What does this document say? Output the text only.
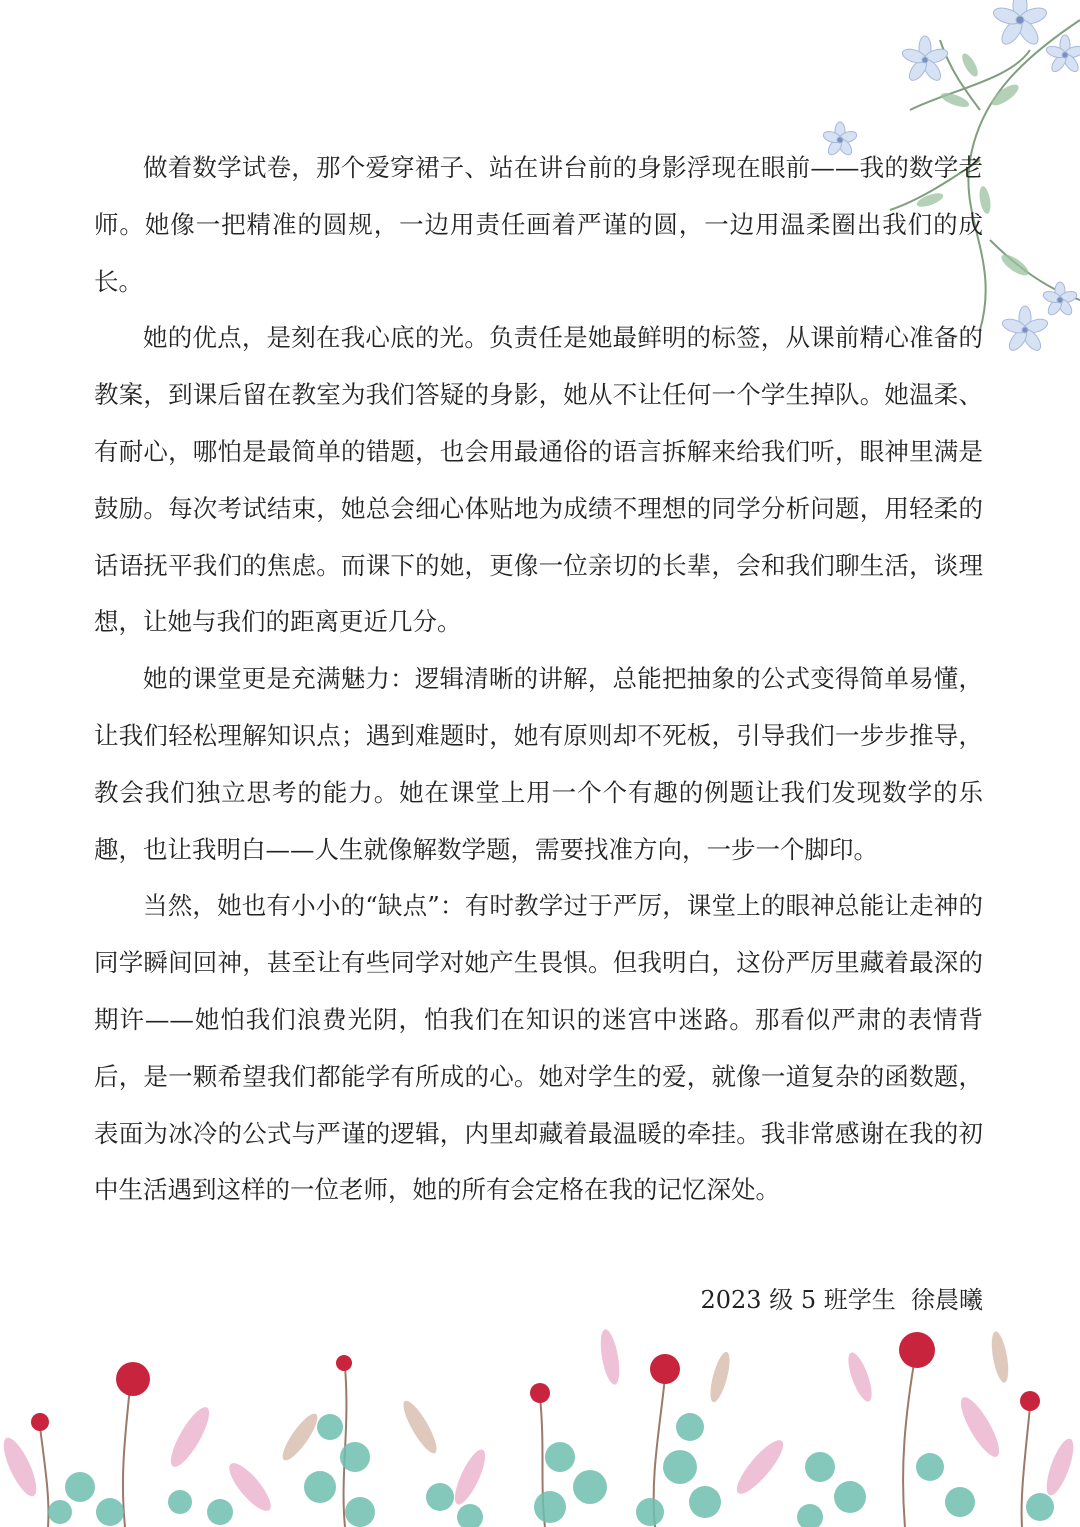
做着数学试卷，那个爱穿裙子、站在讲台前的身影浮现在眼前——我的数学老师。她像一把精准的圆规，一边用责任画着严谨的圆，一边用温柔圈出我们的成长。

她的优点，是刻在我心底的光。负责任是她最鲜明的标签，从课前精心准备的教案，到课后留在教室为我们答疑的身影，她从不让任何一个学生掉队。她温柔、有耐心，哪怕是最简单的错题，也会用最通俗的语言拆解来给我们听，眼神里满是鼓励。每次考试结束，她总会细心体贴地为成绩不理想的同学分析问题，用轻柔的话语抚平我们的焦虑。而课下的她，更像一位亲切的长辈，会和我们聊生活，谈理想，让她与我们的距离更近几分。

她的课堂更是充满魅力：逻辑清晰的讲解，总能把抽象的公式变得简单易懂，让我们轻松理解知识点；遇到难题时，她有原则却不死板，引导我们一步步推导，教会我们独立思考的能力。她在课堂上用一个个有趣的例题让我们发现数学的乐趣，也让我明白——人生就像解数学题，需要找准方向，一步一个脚印。

当然，她也有小小的“缺点”：有时教学过于严厉，课堂上的眼神总能让走神的同学瞬间回神，甚至让有些同学对她产生畏惧。但我明白，这份严厉里藏着最深的期许——她怕我们浪费光阴，怕我们在知识的迷宫中迷路。那看似严肃的表情背后，是一颗希望我们都能学有所成的心。她对学生的爱，就像一道复杂的函数题，表面为冰冷的公式与严谨的逻辑，内里却藏着最温暖的牵挂。我非常感谢在我的初中生活遇到这样的一位老师，她的所有会定格在我的记忆深处。

2023 级 5 班学生  徐晨曦
